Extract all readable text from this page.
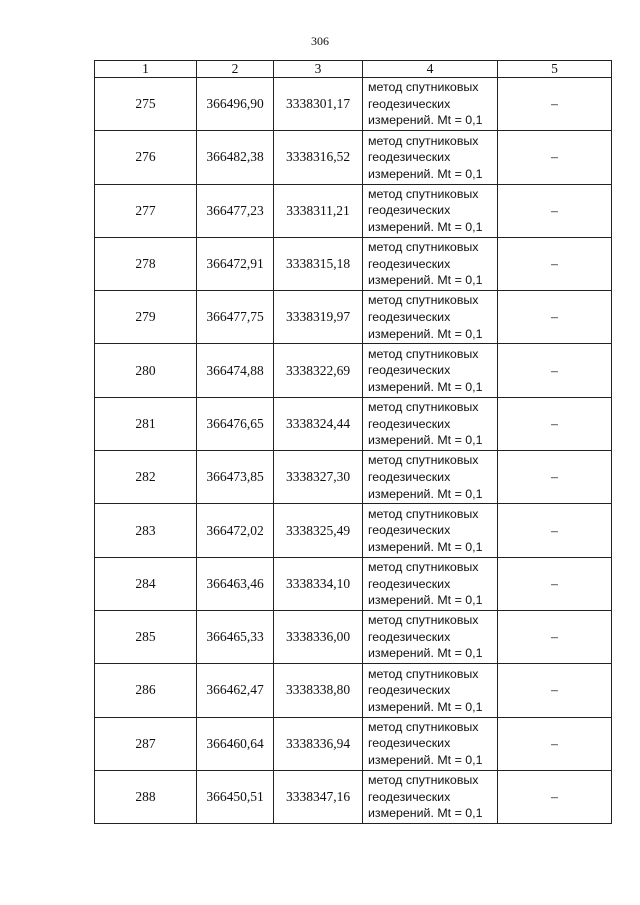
306
1	2	3	4	5
275	366496,90	3338301,17	метод спутниковых
геодезических
измерений. Mt = 0,1	–
276	366482,38	3338316,52	метод спутниковых
геодезических
измерений. Mt = 0,1	–
277	366477,23	3338311,21	метод спутниковых
геодезических
измерений. Mt = 0,1	–
278	366472,91	3338315,18	метод спутниковых
геодезических
измерений. Mt = 0,1	–
279	366477,75	3338319,97	метод спутниковых
геодезических
измерений. Mt = 0,1	–
280	366474,88	3338322,69	метод спутниковых
геодезических
измерений. Mt = 0,1	–
281	366476,65	3338324,44	метод спутниковых
геодезических
измерений. Mt = 0,1	–
282	366473,85	3338327,30	метод спутниковых
геодезических
измерений. Mt = 0,1	–
283	366472,02	3338325,49	метод спутниковых
геодезических
измерений. Mt = 0,1	–
284	366463,46	3338334,10	метод спутниковых
геодезических
измерений. Mt = 0,1	–
285	366465,33	3338336,00	метод спутниковых
геодезических
измерений. Mt = 0,1	–
286	366462,47	3338338,80	метод спутниковых
геодезических
измерений. Mt = 0,1	–
287	366460,64	3338336,94	метод спутниковых
геодезических
измерений. Mt = 0,1	–
288	366450,51	3338347,16	метод спутниковых
геодезических
измерений. Mt = 0,1	–
